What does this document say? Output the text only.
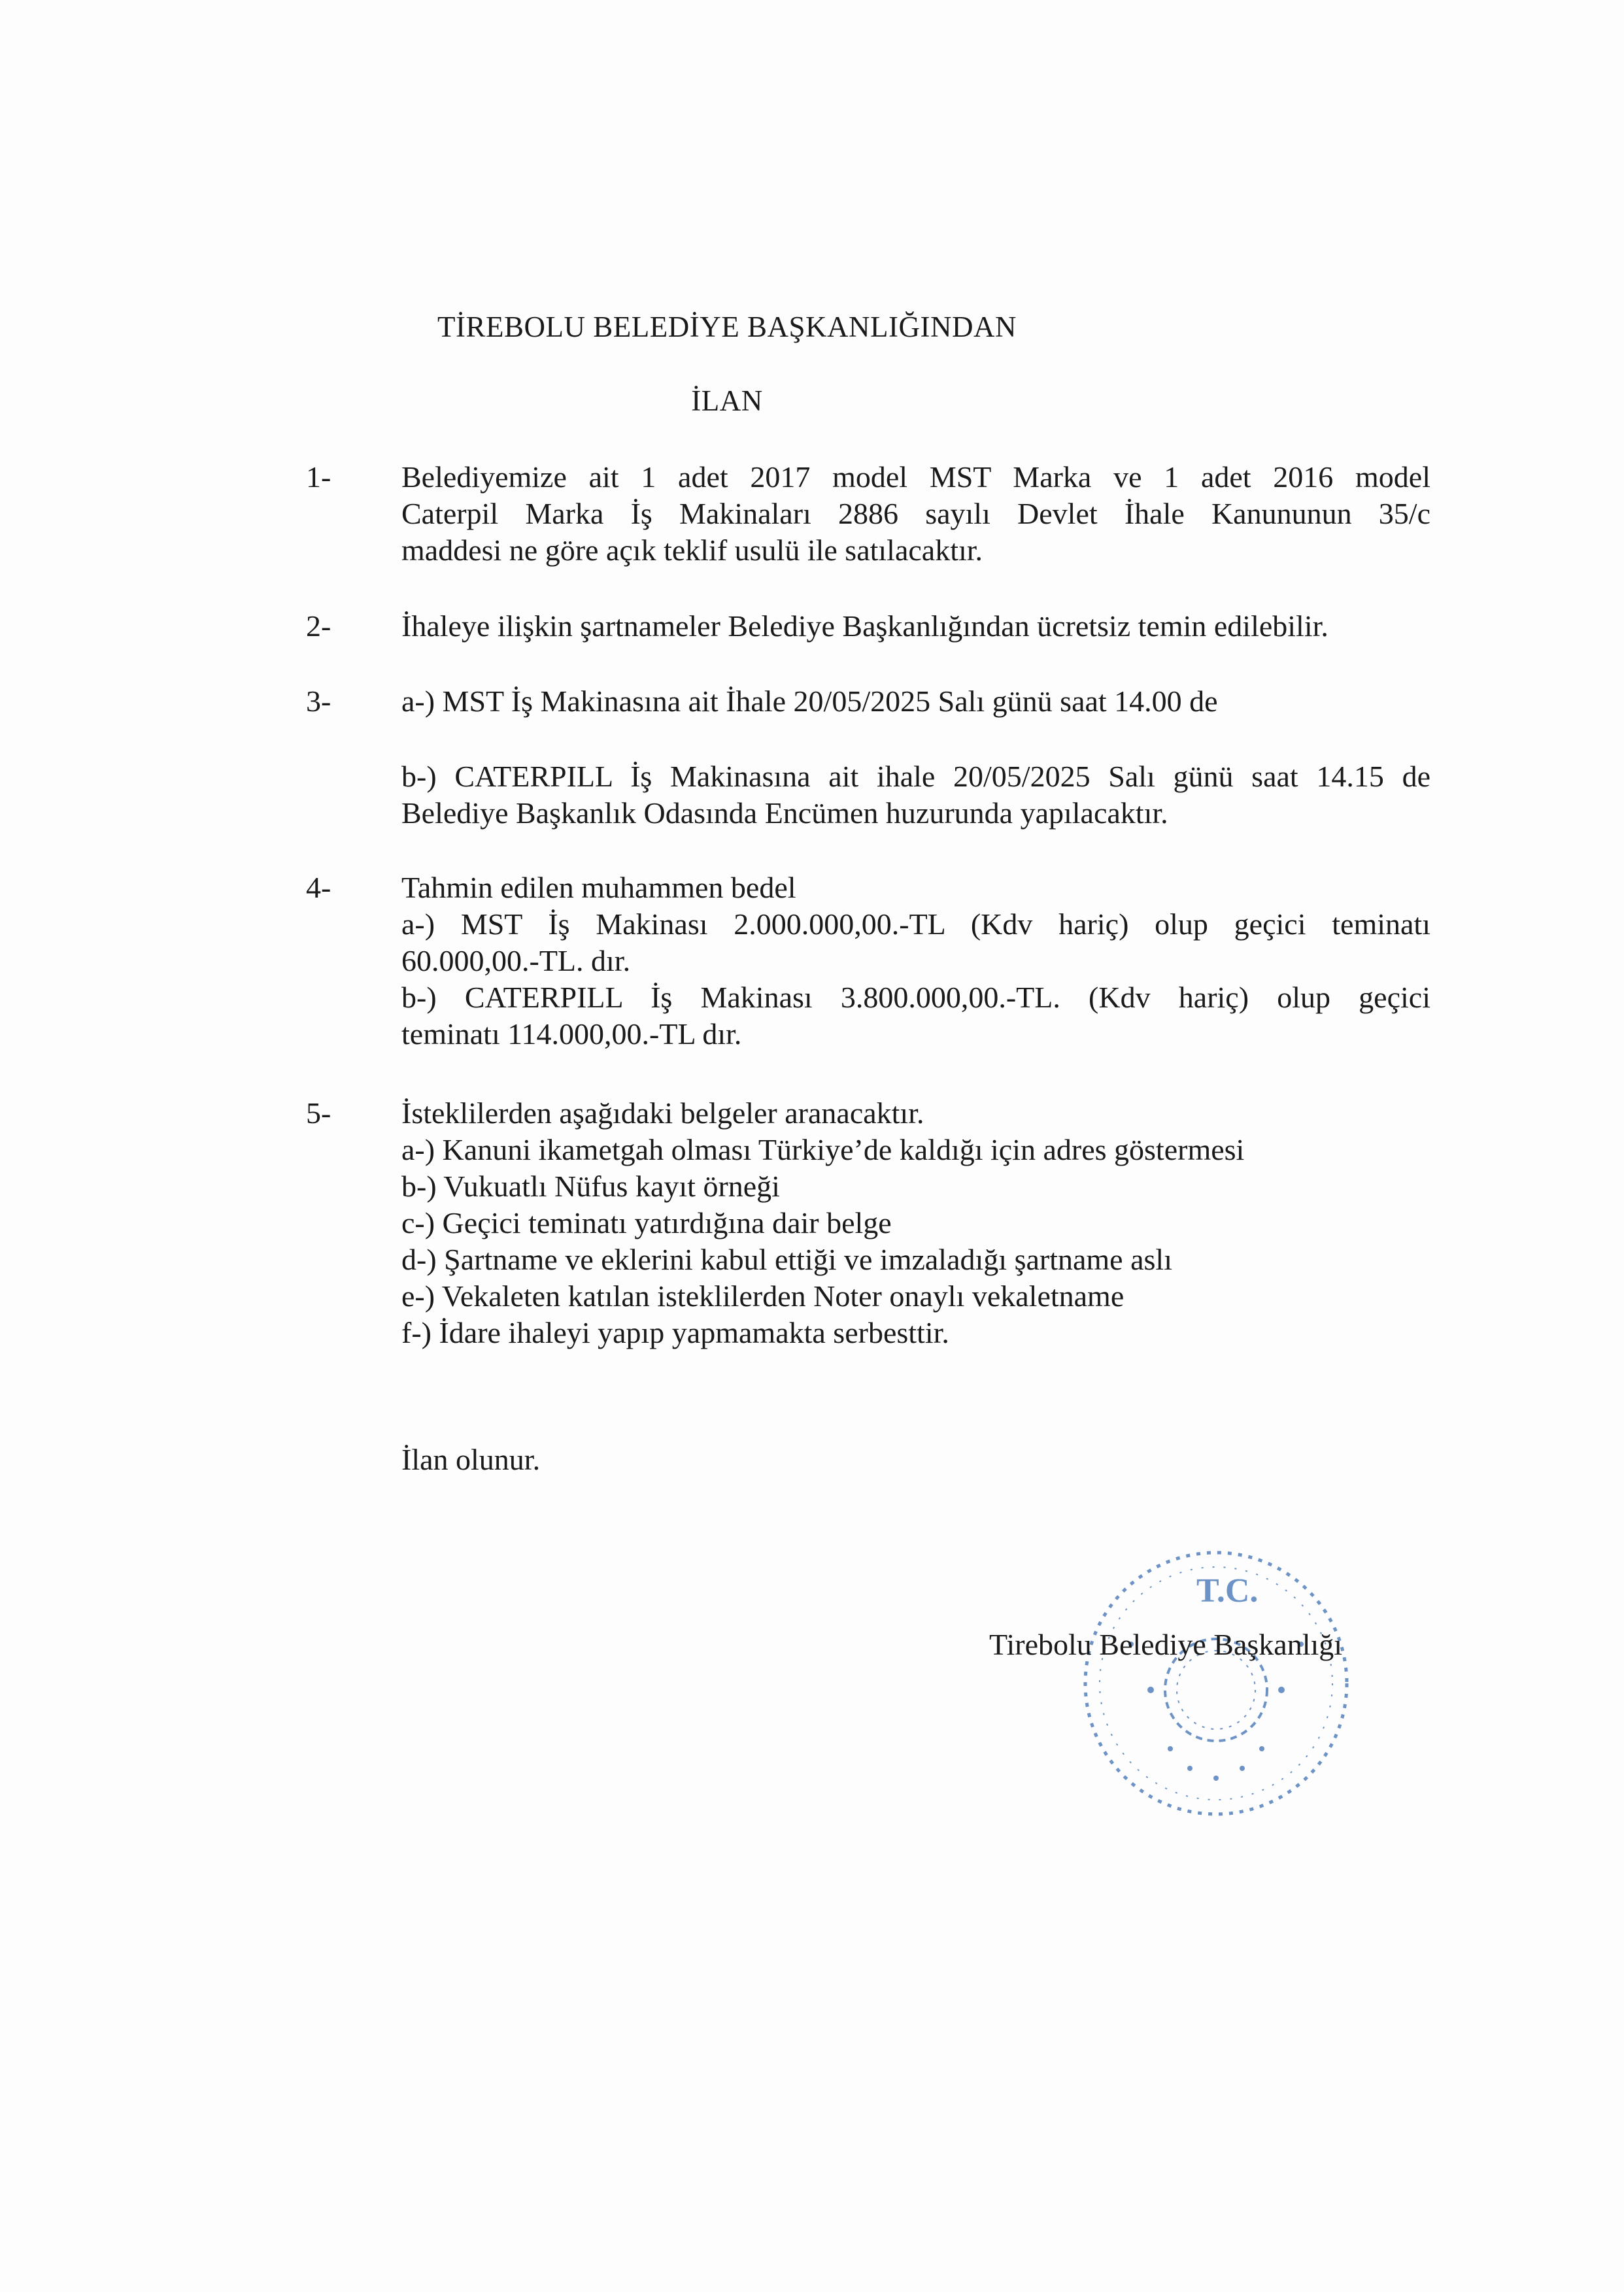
TİREBOLU BELEDİYE BAŞKANLIĞINDAN
İLAN
1-	Belediyemize ait 1 adet 2017 model MST Marka ve 1 adet 2016 model
Caterpil Marka İş Makinaları 2886 sayılı Devlet İhale Kanununun 35/c
maddesi ne göre açık teklif usulü ile satılacaktır.
2-	İhaleye ilişkin şartnameler Belediye Başkanlığından ücretsiz temin edilebilir.
3-	a-) MST İş Makinasına ait İhale 20/05/2025 Salı günü saat 14.00 de
b-) CATERPILL İş Makinasına ait ihale 20/05/2025 Salı günü saat 14.15 de
Belediye Başkanlık Odasında Encümen huzurunda yapılacaktır.
4-	Tahmin edilen muhammen bedel
a-) MST İş Makinası 2.000.000,00.-TL (Kdv hariç) olup geçici teminatı
60.000,00.-TL. dır.
b-) CATERPILL İş Makinası 3.800.000,00.-TL. (Kdv hariç) olup geçici
teminatı 114.000,00.-TL dır.
5-	İsteklilerden aşağıdaki belgeler aranacaktır.
a-) Kanuni ikametgah olması Türkiye’de kaldığı için adres göstermesi
b-) Vukuatlı Nüfus kayıt örneği
c-) Geçici teminatı yatırdığına dair belge
d-) Şartname ve eklerini kabul ettiği ve imzaladığı şartname aslı
e-) Vekaleten katılan isteklilerden Noter onaylı vekaletname
f-) İdare ihaleyi yapıp yapmamakta serbesttir.
İlan olunur.
T.C.
Tirebolu Belediye Başkanlığı
